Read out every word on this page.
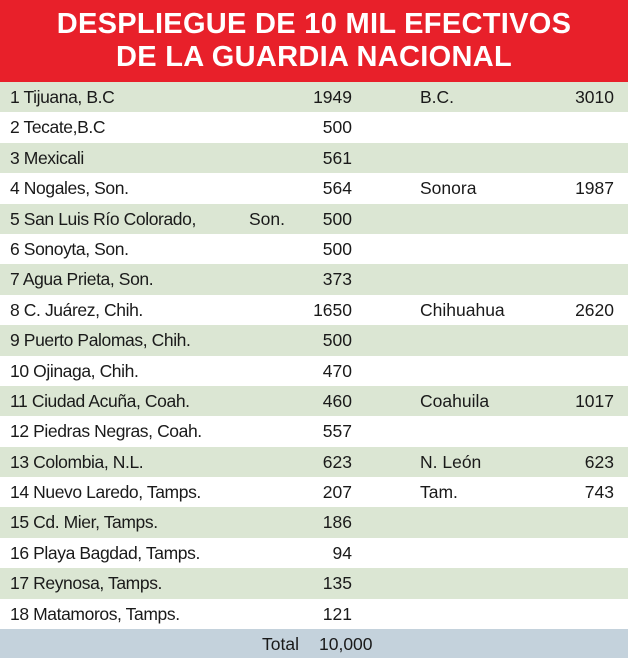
DESPLIEGUE DE 10 MIL EFECTIVOS
DE LA GUARDIA NACIONAL
1 Tijuana, B.C	1949	B.C.	3010
2 Tecate,B.C	500
3 Mexicali	561
4 Nogales, Son.	564	Sonora	1987
5 San Luis Río Colorado,	Son. 500
6 Sonoyta, Son.	500
7 Agua Prieta, Son.	373
8 C. Juárez, Chih.	1650	Chihuahua	2620
9 Puerto Palomas, Chih.	500
10 Ojinaga, Chih.	470
11 Ciudad Acuña, Coah.	460	Coahuila	1017
12 Piedras Negras, Coah.	557
13 Colombia, N.L.	623	N. León	623
14 Nuevo Laredo, Tamps.	207	Tam.	743
15 Cd. Mier, Tamps.	186
16 Playa Bagdad, Tamps.	94
17 Reynosa, Tamps.	135
18 Matamoros, Tamps.	121
Total 10,000
